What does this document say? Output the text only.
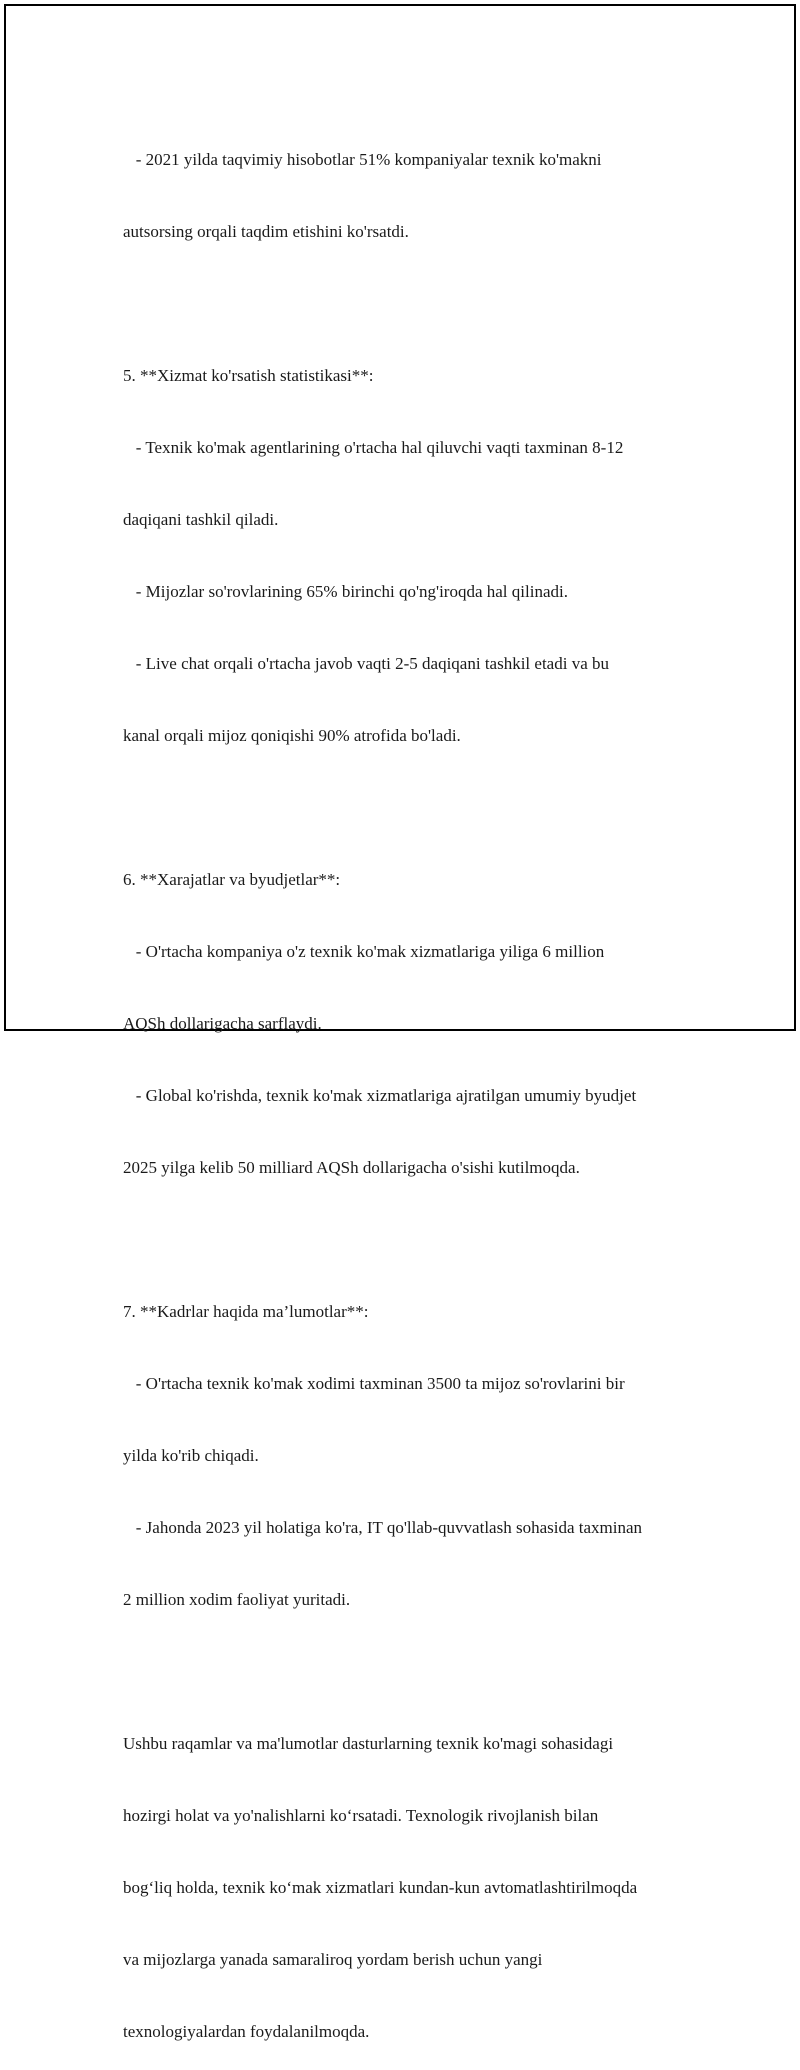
- 2021 yilda taqvimiy hisobotlar 51% kompaniyalar texnik ko'makni

autsorsing orqali taqdim etishini ko'rsatdi.

5. **Xizmat ko'rsatish statistikasi**:

- Texnik ko'mak agentlarining o'rtacha hal qiluvchi vaqti taxminan 8-12

daqiqani tashkil qiladi.

- Mijozlar so'rovlarining 65% birinchi qo'ng'iroqda hal qilinadi.

- Live chat orqali o'rtacha javob vaqti 2-5 daqiqani tashkil etadi va bu

kanal orqali mijoz qoniqishi 90% atrofida bo'ladi.

6. **Xarajatlar va byudjetlar**:

- O'rtacha kompaniya o'z texnik ko'mak xizmatlariga yiliga 6 million

AQSh dollarigacha sarflaydi.

- Global ko'rishda, texnik ko'mak xizmatlariga ajratilgan umumiy byudjet

2025 yilga kelib 50 milliard AQSh dollarigacha o'sishi kutilmoqda.

7. **Kadrlar haqida ma’lumotlar**:

- O'rtacha texnik ko'mak xodimi taxminan 3500 ta mijoz so'rovlarini bir

yilda ko'rib chiqadi.

- Jahonda 2023 yil holatiga ko'ra, IT qo'llab-quvvatlash sohasida taxminan

2 million xodim faoliyat yuritadi.

Ushbu raqamlar va ma'lumotlar dasturlarning texnik ko'magi sohasidagi

hozirgi holat va yo'nalishlarni ko‘rsatadi. Texnologik rivojlanish bilan

bog‘liq holda, texnik ko‘mak xizmatlari kundan-kun avtomatlashtirilmoqda

va mijozlarga yanada samaraliroq yordam berish uchun yangi

texnologiyalardan foydalanilmoqda.
